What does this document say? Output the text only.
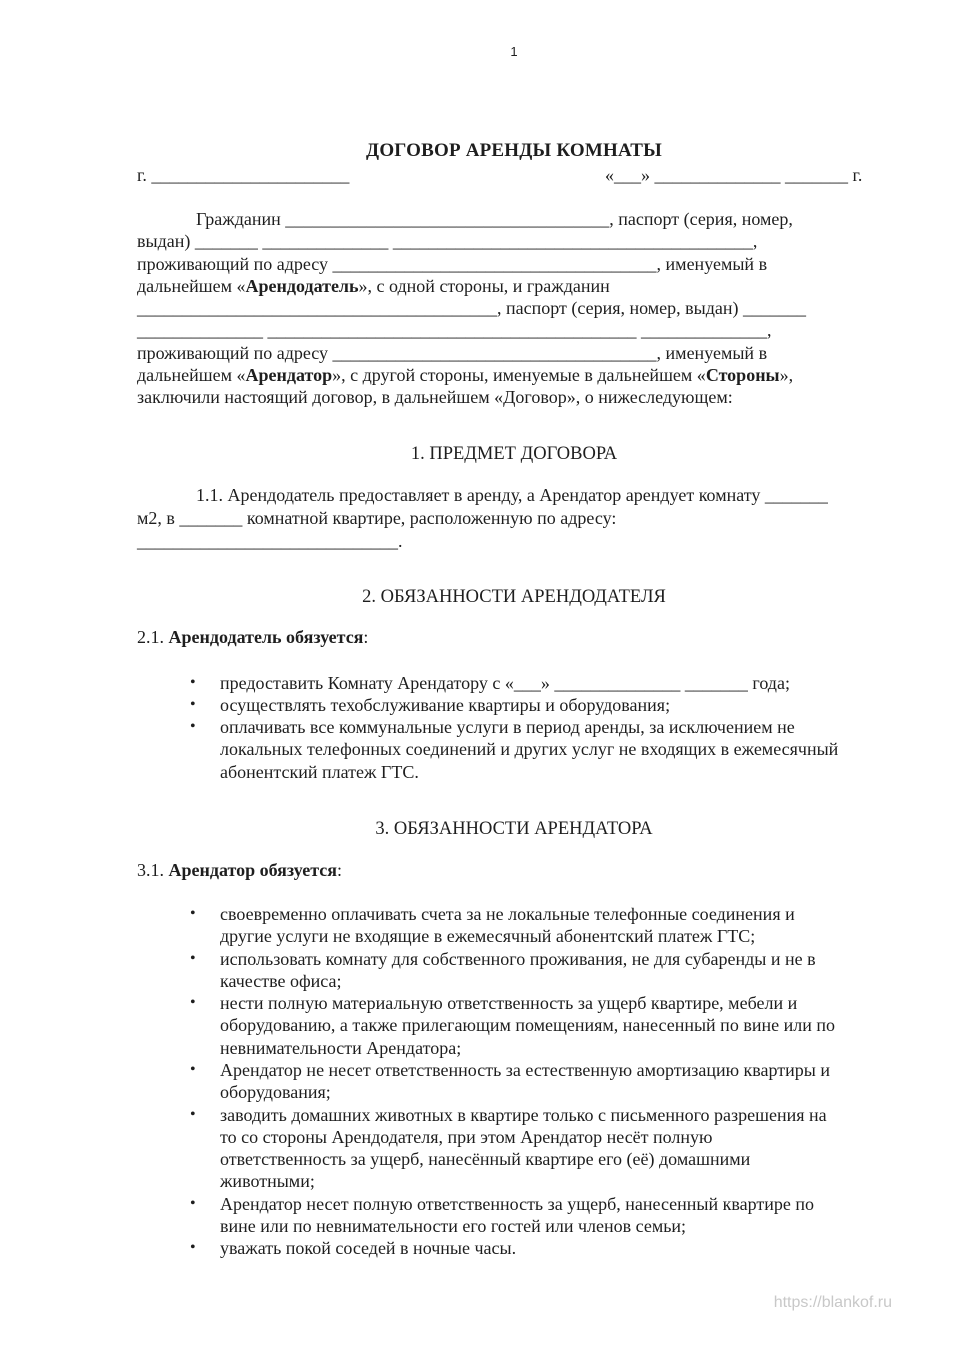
1
ДОГОВОР АРЕНДЫ КОМНАТЫ
г. ______________________	«___» ______________ _______ г.
Гражданин ____________________________________, паспорт (серия, номер,
выдан) _______ ______________ ________________________________________,
проживающий по адресу ____________________________________, именуемый в
дальнейшем «Арендодатель», с одной стороны, и гражданин
________________________________________, паспорт (серия, номер, выдан) _______
______________ _________________________________________ ______________,
проживающий по адресу ____________________________________, именуемый в
дальнейшем «Арендатор», с другой стороны, именуемые в дальнейшем «Стороны»,
заключили настоящий договор, в дальнейшем «Договор», о нижеследующем:
1. ПРЕДМЕТ ДОГОВОРА
1.1. Арендодатель предоставляет в аренду, а Арендатор арендует комнату _______
м2, в _______ комнатной квартире, расположенную по адресу:
_____________________________.
2. ОБЯЗАННОСТИ АРЕНДОДАТЕЛЯ
2.1. Арендодатель обязуется:
• предоставить Комнату Арендатору с «___» ______________ _______ года;
• осуществлять техобслуживание квартиры и оборудования;
• оплачивать все коммунальные услуги в период аренды, за исключением не
локальных телефонных соединений и других услуг не входящих в ежемесячный
абонентский платеж ГТС.
3. ОБЯЗАННОСТИ АРЕНДАТОРА
3.1. Арендатор обязуется:
• своевременно оплачивать счета за не локальные телефонные соединения и
другие услуги не входящие в ежемесячный абонентский платеж ГТС;
• использовать комнату для собственного проживания, не для субаренды и не в
качестве офиса;
• нести полную материальную ответственность за ущерб квартире, мебели и
оборудованию, а также прилегающим помещениям, нанесенный по вине или по
невнимательности Арендатора;
• Арендатор не несет ответственность за естественную амортизацию квартиры и
оборудования;
• заводить домашних животных в квартире только с письменного разрешения на
то со стороны Арендодателя, при этом Арендатор несёт полную
ответственность за ущерб, нанесённый квартире его (её) домашними
животными;
• Арендатор несет полную ответственность за ущерб, нанесенный квартире по
вине или по невнимательности его гостей или членов семьи;
• уважать покой соседей в ночные часы.
https://blankof.ru
